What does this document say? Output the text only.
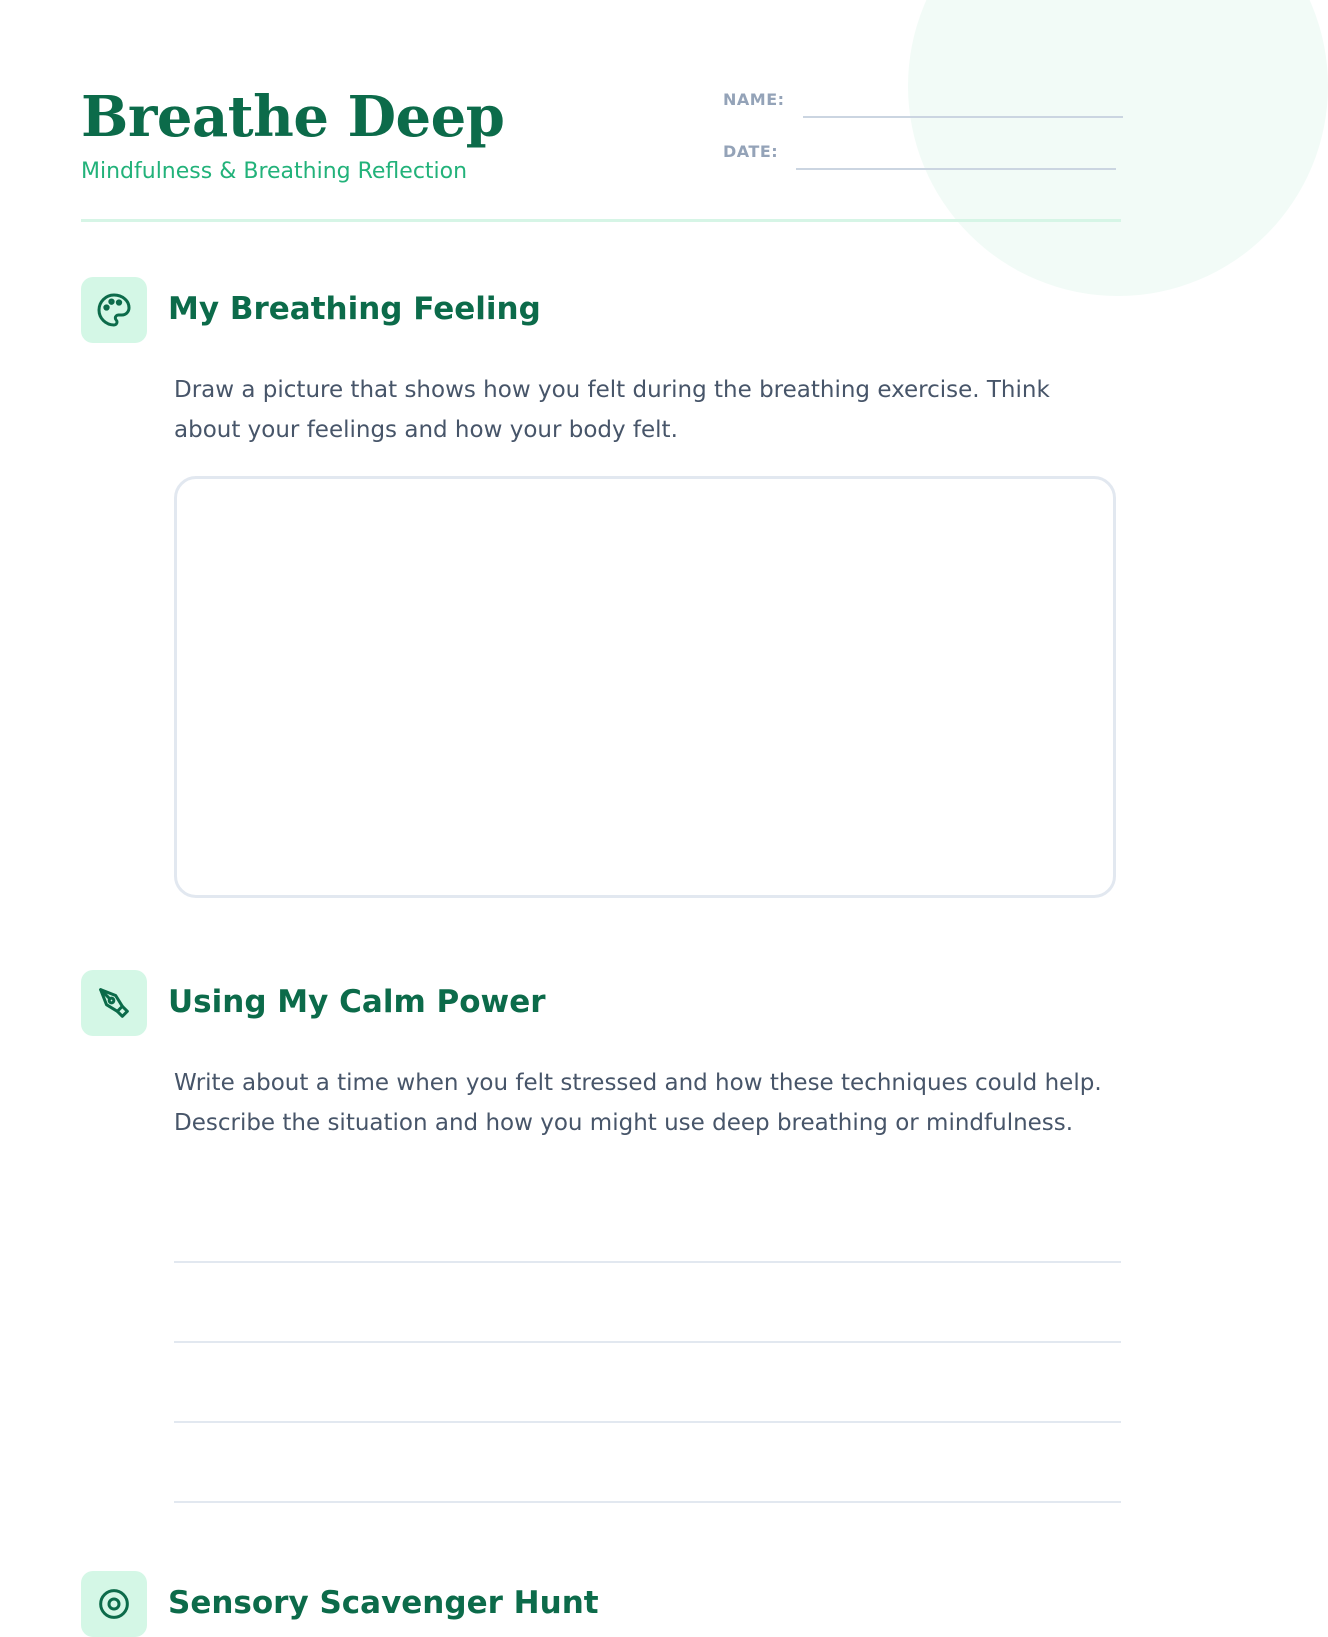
Breathe Deep
Mindfulness & Breathing Reflection
NAME:
DATE:
My Breathing Feeling

Draw a picture that shows how you felt during the breathing exercise. Think about your feelings and how your body felt.

Using My Calm Power

Write about a time when you felt stressed and how these techniques could help. Describe the situation and how you might use deep breathing or mindfulness.

Sensory Scavenger Hunt
